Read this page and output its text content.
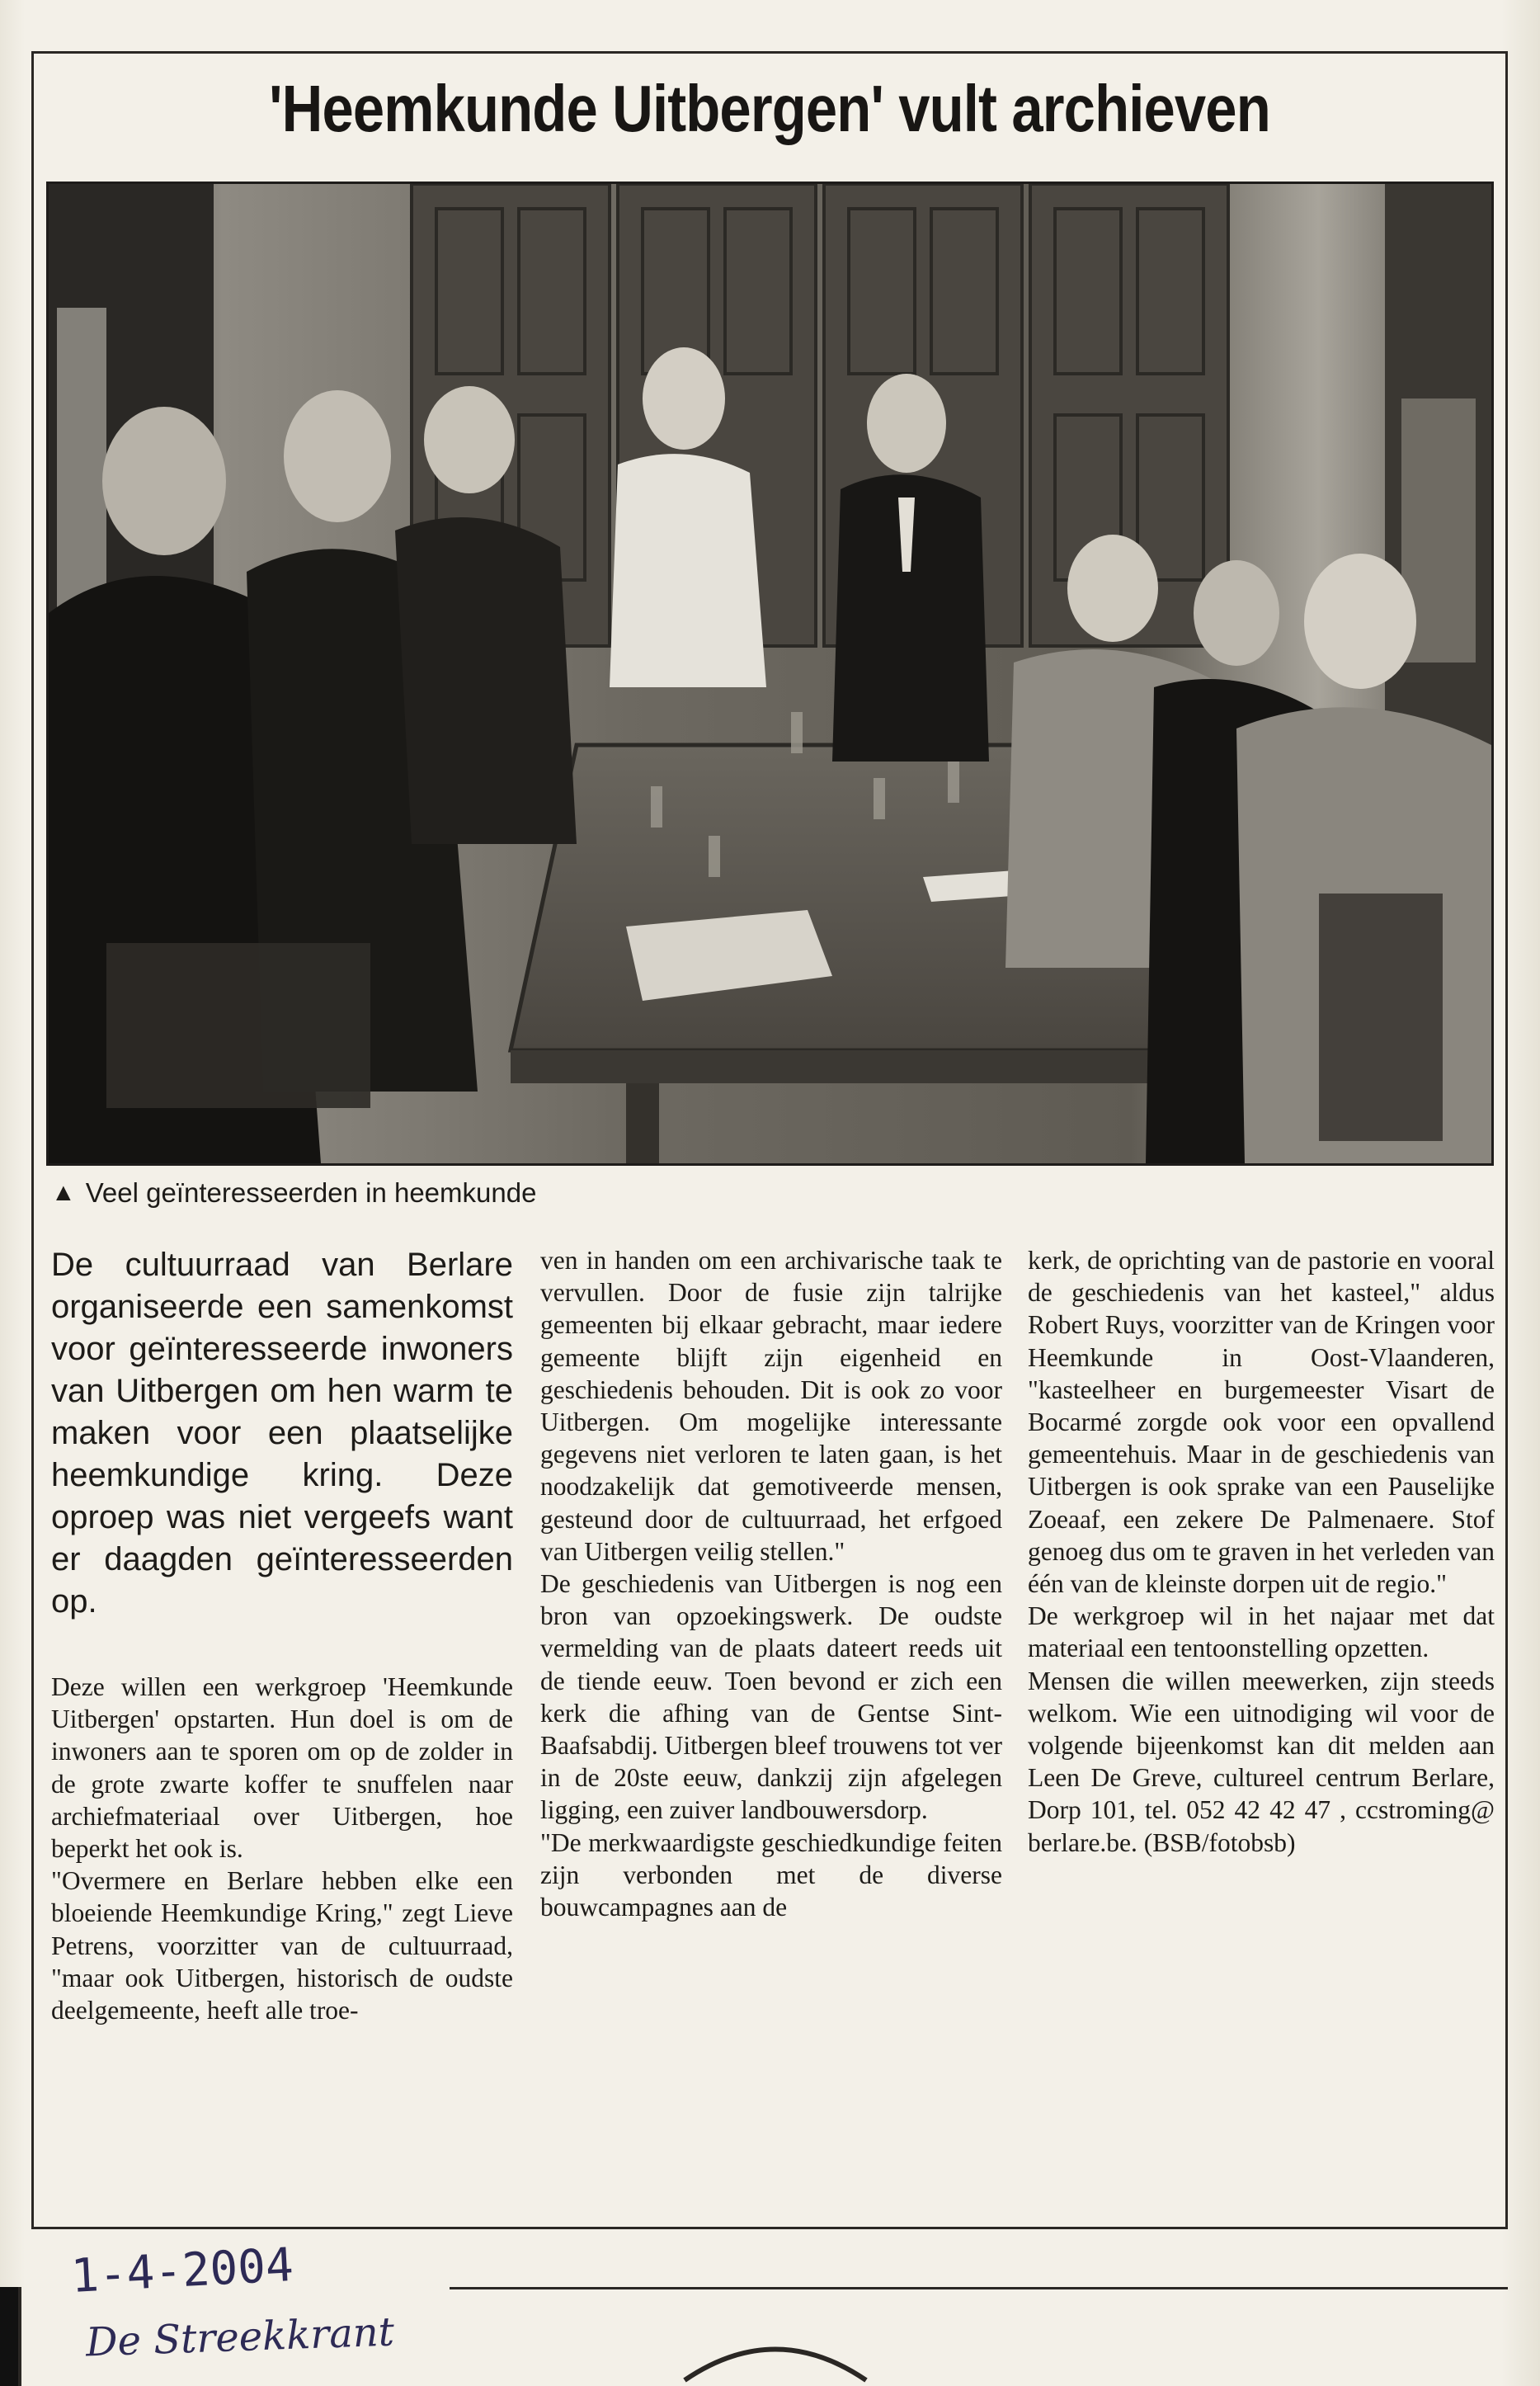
'Heemkunde Uitbergen' vult archieven
▲ Veel geïnteresseerden in heemkunde

De cultuurraad van Berlare organiseerde een samenkomst voor geïnteresseerde inwoners van Uitbergen om hen warm te maken voor een plaatselijke heemkundige kring. Deze oproep was niet vergeefs want er daagden geïnteresseerden op.

Deze willen een werkgroep 'Heemkunde Uitbergen' opstarten. Hun doel is om de inwoners aan te sporen om op de zolder in de grote zwarte koffer te snuffelen naar archiefmateriaal over Uitbergen, hoe beperkt het ook is.

"Overmere en Berlare hebben elke een bloeiende Heemkundige Kring," zegt Lieve Petrens, voorzitter van de cultuurraad, "maar ook Uitbergen, historisch de oudste deelgemeente, heeft alle troe-

ven in handen om een archivarische taak te vervullen. Door de fusie zijn talrijke gemeenten bij elkaar gebracht, maar iedere gemeente blijft zijn eigenheid en geschiedenis behouden. Dit is ook zo voor Uitbergen. Om mogelijke interessante gegevens niet verloren te laten gaan, is het noodzakelijk dat gemotiveerde mensen, gesteund door de cultuurraad, het erfgoed van Uitbergen veilig stellen."

De geschiedenis van Uitbergen is nog een bron van opzoekingswerk. De oudste vermelding van de plaats dateert reeds uit de tiende eeuw. Toen bevond er zich een kerk die afhing van de Gentse Sint-Baafsabdij. Uitbergen bleef trouwens tot ver in de 20ste eeuw, dankzij zijn afgelegen ligging, een zuiver landbouwersdorp.

"De merkwaardigste geschiedkundige feiten zijn verbonden met de diverse bouwcampagnes aan de

kerk, de oprichting van de pastorie en vooral de geschiedenis van het kasteel," aldus Robert Ruys, voorzitter van de Kringen voor Heemkunde in Oost-Vlaanderen, "kasteelheer en burgemeester Visart de Bocarmé zorgde ook voor een opvallend gemeentehuis. Maar in de geschiedenis van Uitbergen is ook sprake van een Pauselijke Zoeaaf, een zekere De Palmenaere. Stof genoeg dus om te graven in het verleden van één van de kleinste dorpen uit de regio."

De werkgroep wil in het najaar met dat materiaal een tentoonstelling opzetten.

Mensen die willen meewerken, zijn steeds welkom. Wie een uitnodiging wil voor de volgende bijeenkomst kan dit melden aan Leen De Greve, cultureel centrum Berlare, Dorp 101, tel. 052 42 42 47 , ccstroming@ berlare.be. (BSB/fotobsb)

1-4-2004
De Streekkrant
